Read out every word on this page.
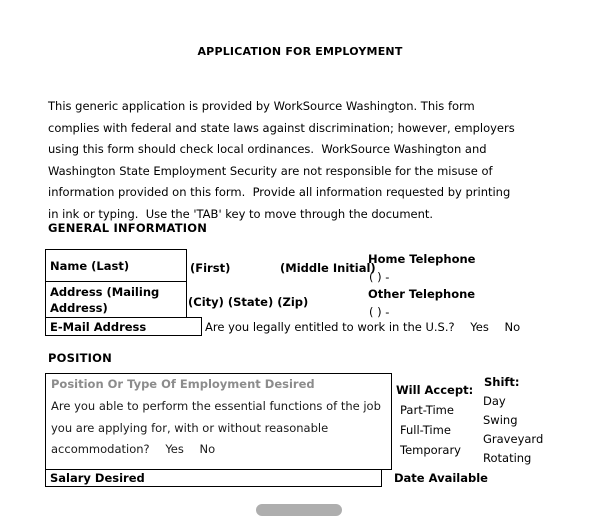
APPLICATION FOR EMPLOYMENT
This generic application is provided by WorkSource Washington. This form complies with federal and state laws against discrimination; however, employers using this form should check local ordinances.  WorkSource Washington and Washington State Employment Security are not responsible for the misuse of information provided on this form.  Provide all information requested by printing in ink or typing.  Use the 'TAB' key to move through the document.
GENERAL INFORMATION
Name (Last)	(First)	(Middle Initial)
Home Telephone
( ) -
Address (Mailing Address)	(City) (State) (Zip)
Other Telephone
( ) -
E-Mail Address	Are you legally entitled to work in the U.S.? Yes No
POSITION
Position Or Type Of Employment Desired
Are you able to perform the essential functions of the job you are applying for, with or without reasonable accommodation? Yes No
Will Accept:
Part-Time
Full-Time
Temporary
Shift:
Day
Swing
Graveyard
Rotating
Salary Desired	Date Available
